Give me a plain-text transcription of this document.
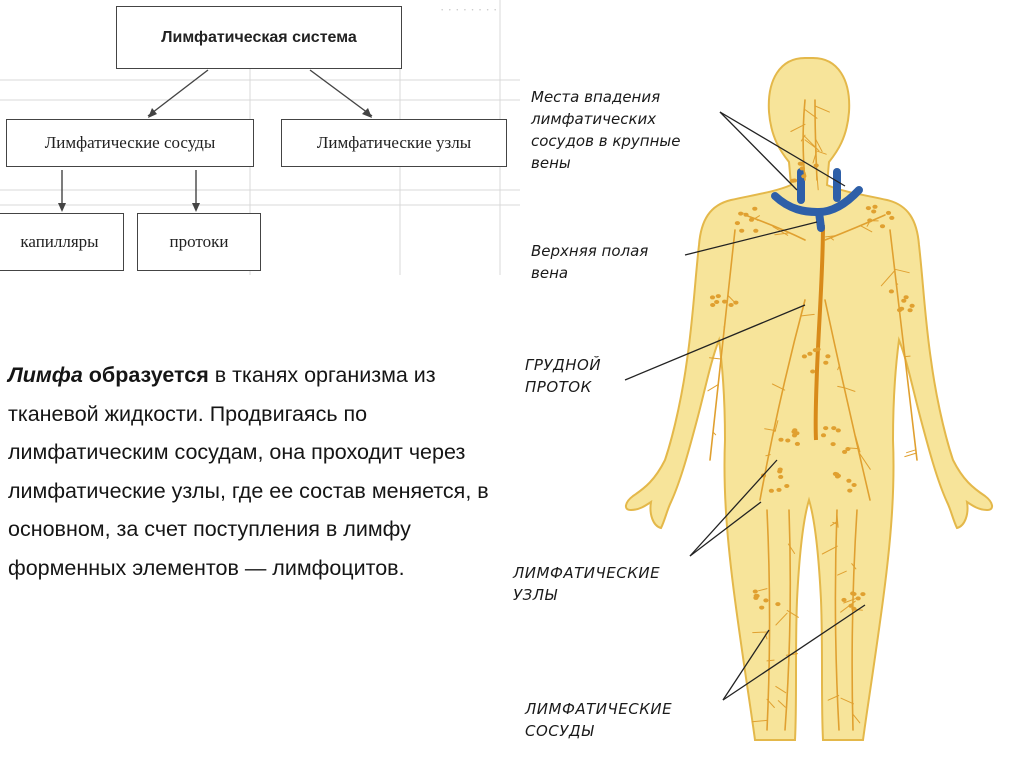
· · · · · · · ·
Лимфатическая система
Лимфатические сосуды	Лимфатические узлы
капилляры	протоки
Лимфа образуется в тканях организма из тканевой жидкости. Продвигаясь по лимфатическим сосудам, она проходит через лимфатические узлы, где ее состав меняется, в основном, за счет поступления в лимфу форменных элементов — лимфоцитов.
Места впадения
лимфатических
сосудов в крупные
вены
Верхняя полая
вена
ГРУДНОЙ
ПРОТОК
ЛИМФАТИЧЕСКИЕ
УЗЛЫ
ЛИМФАТИЧЕСКИЕ
СОСУДЫ
